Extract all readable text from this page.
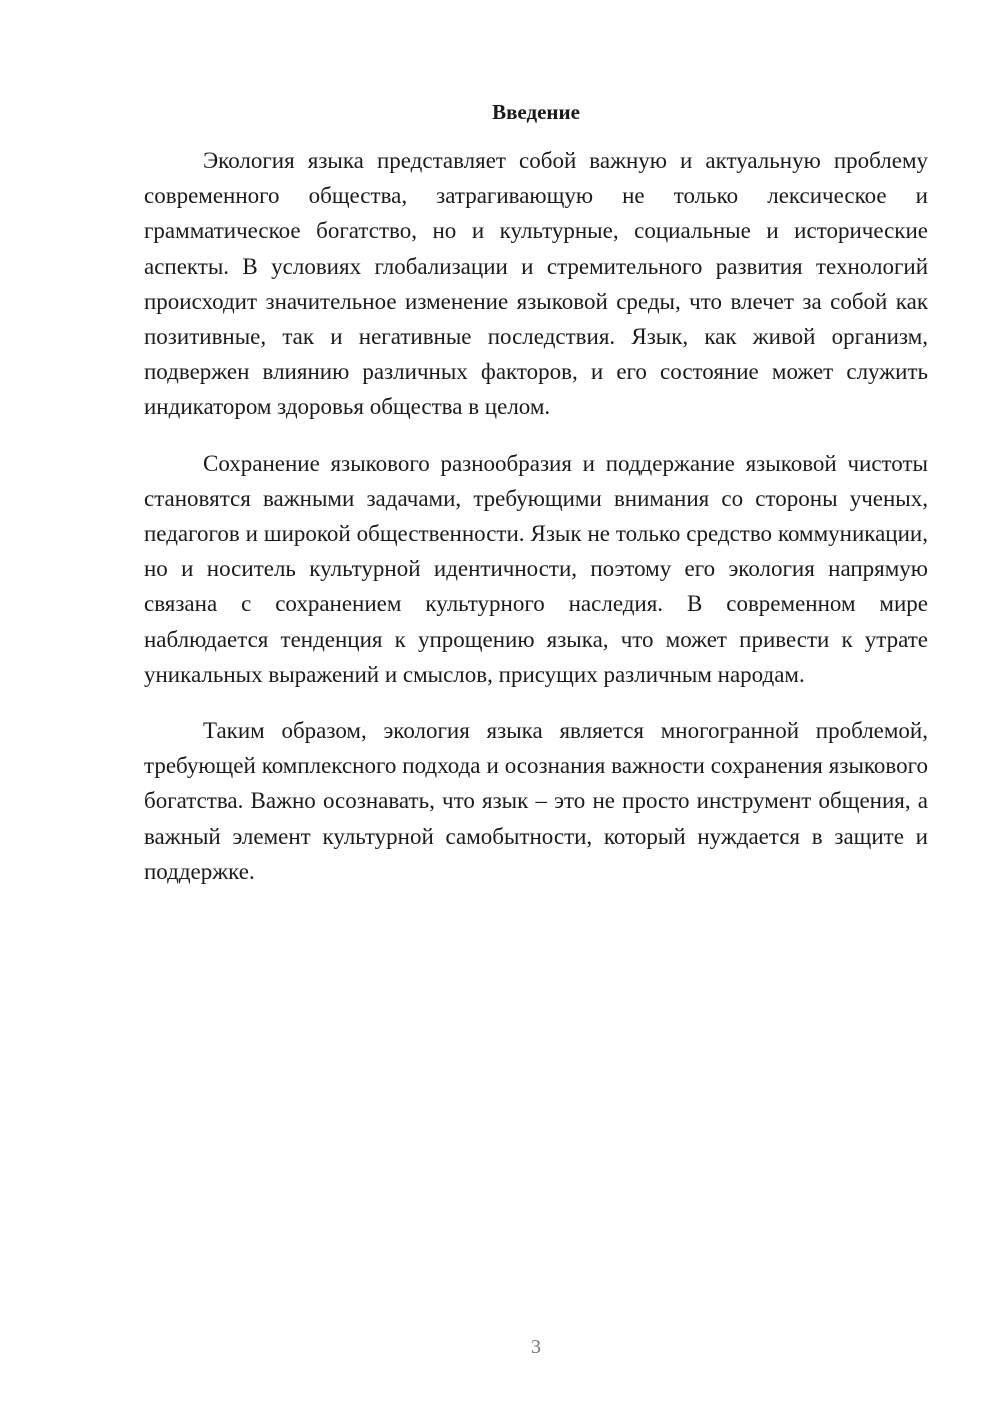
Введение

Экология языка представляет собой важную и актуальную проблему современного общества, затрагивающую не только лексическое и грамматическое богатство, но и культурные, социальные и исторические аспекты. В условиях глобализации и стремительного развития технологий происходит значительное изменение языковой среды, что влечет за собой как позитивные, так и негативные последствия. Язык, как живой организм, подвержен влиянию различных факторов, и его состояние может служить индикатором здоровья общества в целом.

Сохранение языкового разнообразия и поддержание языковой чистоты становятся важными задачами, требующими внимания со стороны ученых, педагогов и широкой общественности. Язык не только средство коммуникации, но и носитель культурной идентичности, поэтому его экология напрямую связана с сохранением культурного наследия. В современном мире наблюдается тенденция к упрощению языка, что может привести к утрате уникальных выражений и смыслов, присущих различным народам.

Таким образом, экология языка является многогранной проблемой, требующей комплексного подхода и осознания важности сохранения языкового богатства. Важно осознавать, что язык – это не просто инструмент общения, а важный элемент культурной самобытности, который нуждается в защите и поддержке.

3
